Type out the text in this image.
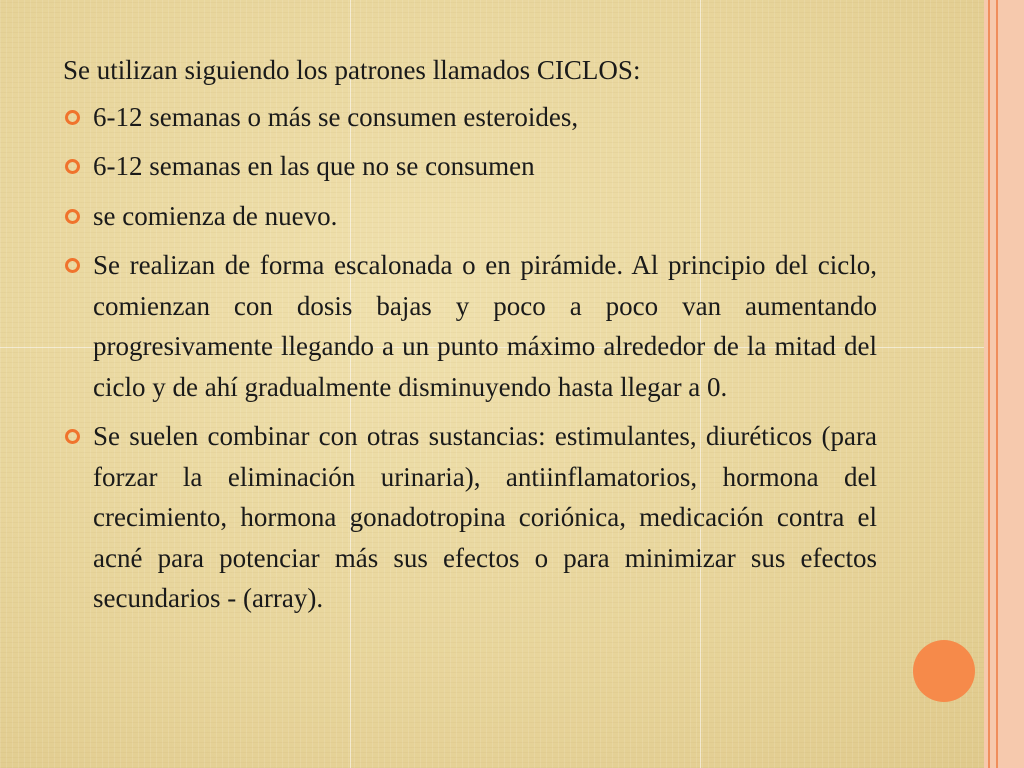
Se utilizan siguiendo los patrones llamados CICLOS:

6-12 semanas o más se consumen esteroides,
6-12 semanas en las que no se consumen
se comienza de nuevo.
Se realizan de forma escalonada o en pirámide. Al principio del ciclo, comienzan con dosis bajas y poco a poco van aumentando progresivamente llegando a un punto máximo alrededor de la mitad del ciclo y de ahí gradualmente disminuyendo hasta llegar a 0.
Se suelen combinar con otras sustancias: estimulantes, diuréticos (para forzar la eliminación urinaria), antiinflamatorios, hormona del crecimiento, hormona gonadotropina coriónica, medicación contra el acné para potenciar más sus efectos o para minimizar sus efectos secundarios - (array).
